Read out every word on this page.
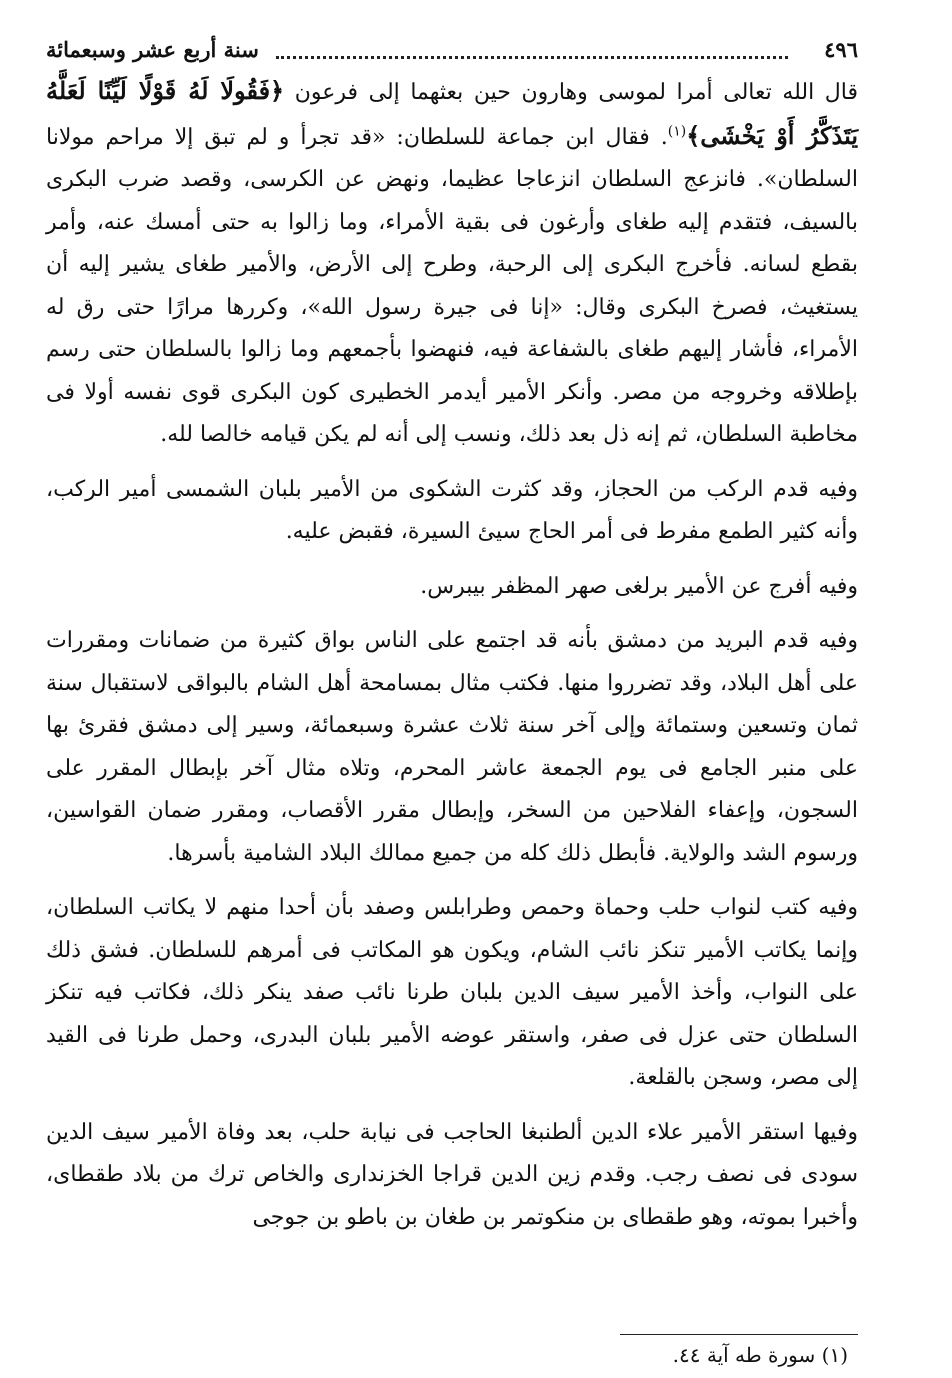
٤٩٦
سنة أربع عشر وسبعمائة

قال الله تعالى أمرا لموسى وهارون حين بعثهما إلى فرعون ﴿فَقُولَا لَهُ قَوْلًا لَيِّنًا لَعَلَّهُ يَتَذَكَّرُ أَوْ يَخْشَى﴾$^{(١)}$. فقال ابن جماعة للسلطان: «قد تجرأ و لم تبق إلا مراحم مولانا السلطان». فانزعج السلطان انزعاجا عظيما، ونهض عن الكرسى، وقصد ضرب البكرى بالسيف، فتقدم إليه طغاى وأرغون فى بقية الأمراء، وما زالوا به حتى أمسك عنه، وأمر بقطع لسانه. فأخرج البكرى إلى الرحبة، وطرح إلى الأرض، والأمير طغاى يشير إليه أن يستغيث، فصرخ البكرى وقال: «إنا فى جيرة رسول الله»، وكررها مرارًا حتى رق له الأمراء، فأشار إليهم طغاى بالشفاعة فيه، فنهضوا بأجمعهم وما زالوا بالسلطان حتى رسم بإطلاقه وخروجه من مصر. وأنكر الأمير أيدمر الخطيرى كون البكرى قوى نفسه أولا فى مخاطبة السلطان، ثم إنه ذل بعد ذلك، ونسب إلى أنه لم يكن قيامه خالصا لله.

وفيه قدم الركب من الحجاز، وقد كثرت الشكوى من الأمير بلبان الشمسى أمير الركب، وأنه كثير الطمع مفرط فى أمر الحاج سيئ السيرة، فقبض عليه.

وفيه أفرج عن الأمير برلغى صهر المظفر بيبرس.

وفيه قدم البريد من دمشق بأنه قد اجتمع على الناس بواق كثيرة من ضمانات ومقررات على أهل البلاد، وقد تضرروا منها. فكتب مثال بمسامحة أهل الشام بالبواقى لاستقبال سنة ثمان وتسعين وستمائة وإلى آخر سنة ثلاث عشرة وسبعمائة، وسير إلى دمشق فقرئ بها على منبر الجامع فى يوم الجمعة عاشر المحرم، وتلاه مثال آخر بإبطال المقرر على السجون، وإعفاء الفلاحين من السخر، وإبطال مقرر الأقصاب، ومقرر ضمان القواسين، ورسوم الشد والولاية. فأبطل ذلك كله من جميع ممالك البلاد الشامية بأسرها.

وفيه كتب لنواب حلب وحماة وحمص وطرابلس وصفد بأن أحدا منهم لا يكاتب السلطان، وإنما يكاتب الأمير تنكز نائب الشام، ويكون هو المكاتب فى أمرهم للسلطان. فشق ذلك على النواب، وأخذ الأمير سيف الدين بلبان طرنا نائب صفد ينكر ذلك، فكاتب فيه تنكز السلطان حتى عزل فى صفر، واستقر عوضه الأمير بلبان البدرى، وحمل طرنا فى القيد إلى مصر، وسجن بالقلعة.

وفيها استقر الأمير علاء الدين ألطنبغا الحاجب فى نيابة حلب، بعد وفاة الأمير سيف الدين سودى فى نصف رجب. وقدم زين الدين قراجا الخزندارى والخاص ترك من بلاد طقطاى، وأخبرا بموته، وهو طقطاى بن منكوتمر بن طغان بن باطو بن جوجى

(١) سورة طه آية ٤٤.
